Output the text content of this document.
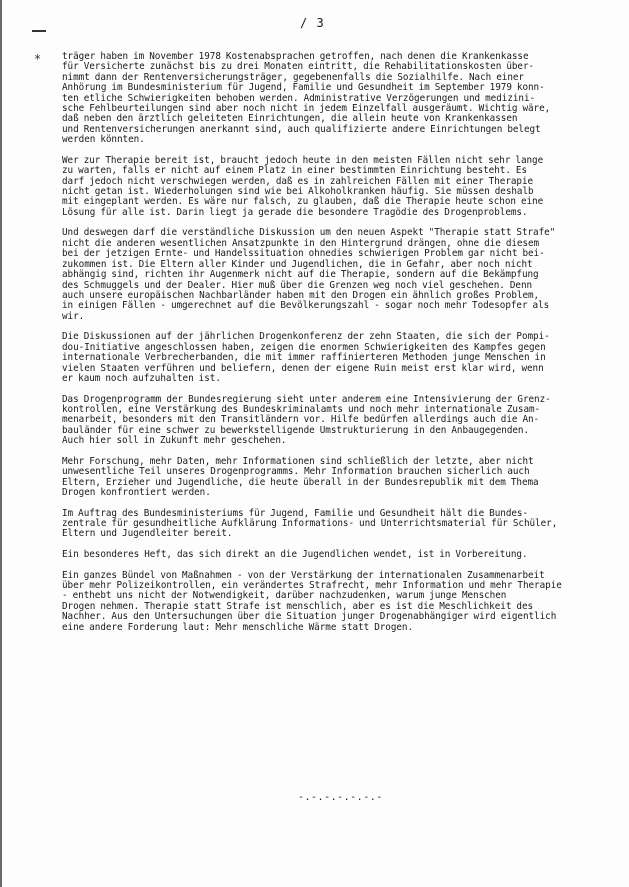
*
/ 3

träger haben im November 1978 Kostenabsprachen getroffen, nach denen die Krankenkasse
für Versicherte zunächst bis zu drei Monaten eintritt, die Rehabilitationskosten über-
nimmt dann der Rentenversicherungsträger, gegebenenfalls die Sozialhilfe. Nach einer
Anhörung im Bundesministerium für Jugend, Familie und Gesundheit im September 1979 konn-
ten etliche Schwierigkeiten behoben werden. Administrative Verzögerungen und medizini-
sche Fehlbeurteilungen sind aber noch nicht in jedem Einzelfall ausgeräumt. Wichtig wäre,
daß neben den ärztlich geleiteten Einrichtungen, die allein heute von Krankenkassen
und Rentenversicherungen anerkannt sind, auch qualifizierte andere Einrichtungen belegt
werden könnten.

Wer zur Therapie bereit ist, braucht jedoch heute in den meisten Fällen nicht sehr lange
zu warten, falls er nicht auf einem Platz in einer bestimmten Einrichtung besteht. Es
darf jedoch nicht verschwiegen werden, daß es in zahlreichen Fällen mit einer Therapie
nicht getan ist. Wiederholungen sind wie bei Alkoholkranken häufig. Sie müssen deshalb
mit eingeplant werden. Es wäre nur falsch, zu glauben, daß die Therapie heute schon eine
Lösung für alle ist. Darin liegt ja gerade die besondere Tragödie des Drogenproblems.

Und deswegen darf die verständliche Diskussion um den neuen Aspekt "Therapie statt Strafe"
nicht die anderen wesentlichen Ansatzpunkte in den Hintergrund drängen, ohne die diesem
bei der jetzigen Ernte- und Handelssituation ohnedies schwierigen Problem gar nicht bei-
zukommen ist. Die Eltern aller Kinder und Jugendlichen, die in Gefahr, aber noch nicht
abhängig sind, richten ihr Augenmerk nicht auf die Therapie, sondern auf die Bekämpfung
des Schmuggels und der Dealer. Hier muß über die Grenzen weg noch viel geschehen. Denn
auch unsere europäischen Nachbarländer haben mit den Drogen ein ähnlich großes Problem,
in einigen Fällen - umgerechnet auf die Bevölkerungszahl - sogar noch mehr Todesopfer als
wir.

Die Diskussionen auf der jährlichen Drogenkonferenz der zehn Staaten, die sich der Pompi-
dou-Initiative angeschlossen haben, zeigen die enormen Schwierigkeiten des Kampfes gegen
internationale Verbrecherbanden, die mit immer raffinierteren Methoden junge Menschen in
vielen Staaten verführen und beliefern, denen der eigene Ruin meist erst klar wird, wenn
er kaum noch aufzuhalten ist.

Das Drogenprogramm der Bundesregierung sieht unter anderem eine Intensivierung der Grenz-
kontrollen, eine Verstärkung des Bundeskriminalamts und noch mehr internationale Zusam-
menarbeit, besonders mit den Transitländern vor. Hilfe bedürfen allerdings auch die An-
bauländer für eine schwer zu bewerkstelligende Umstrukturierung in den Anbaugegenden.
Auch hier soll in Zukunft mehr geschehen.

Mehr Forschung, mehr Daten, mehr Informationen sind schließlich der letzte, aber nicht
unwesentliche Teil unseres Drogenprogramms. Mehr Information brauchen sicherlich auch
Eltern, Erzieher und Jugendliche, die heute überall in der Bundesrepublik mit dem Thema
Drogen konfrontiert werden.

Im Auftrag des Bundesministeriums für Jugend, Familie und Gesundheit hält die Bundes-
zentrale für gesundheitliche Aufklärung Informations- und Unterrichtsmaterial für Schüler,
Eltern und Jugendleiter bereit.

Ein besonderes Heft, das sich direkt an die Jugendlichen wendet, ist in Vorbereitung.

Ein ganzes Bündel von Maßnahmen - von der Verstärkung der internationalen Zusammenarbeit
über mehr Polizeikontrollen, ein verändertes Strafrecht, mehr Information und mehr Therapie
- enthebt uns nicht der Notwendigkeit, darüber nachzudenken, warum junge Menschen
Drogen nehmen. Therapie statt Strafe ist menschlich, aber es ist die Meschlichkeit des
Nachher. Aus den Untersuchungen über die Situation junger Drogenabhängiger wird eigentlich
eine andere Forderung laut: Mehr menschliche Wärme statt Drogen.

-.-.-.-.-.-.-
